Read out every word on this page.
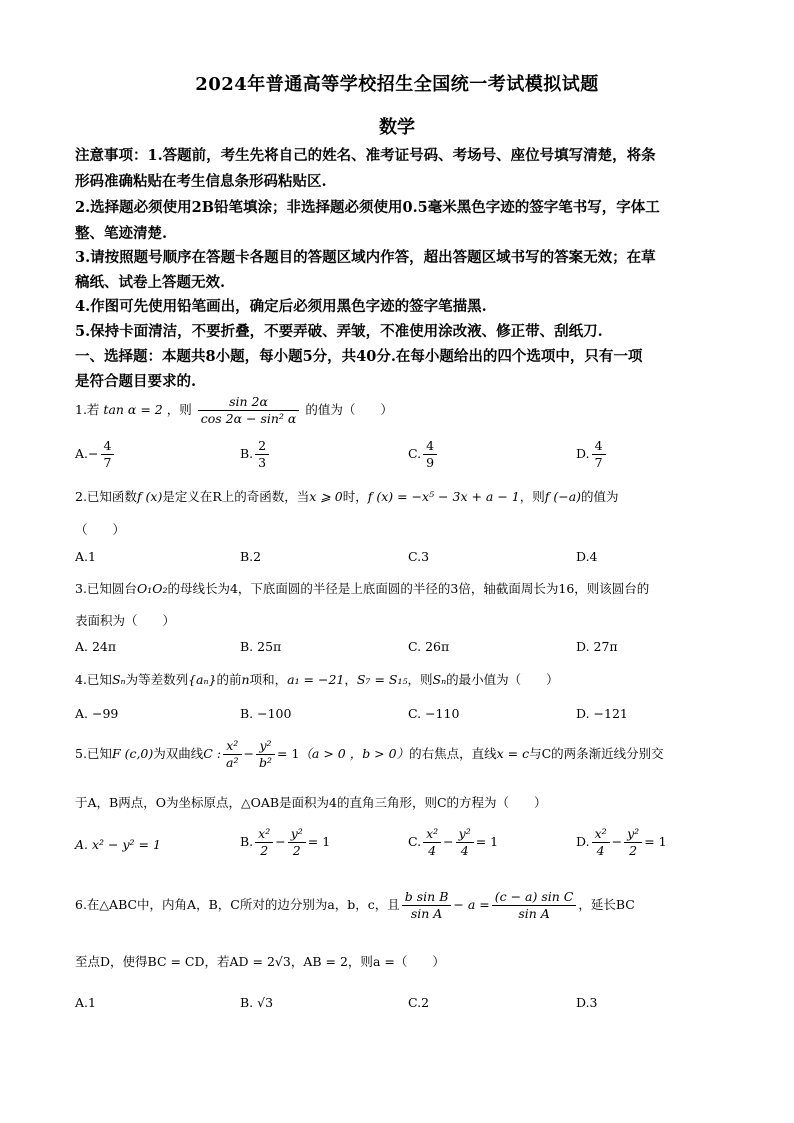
2024年普通高等学校招生全国统一考试模拟试题
数学
注意事项：1.答题前，考生先将自己的姓名、准考证号码、考场号、座位号填写清楚，将条
形码准确粘贴在考生信息条形码粘贴区.
2.选择题必须使用2B铅笔填涂；非选择题必须使用0.5毫米黑色字迹的签字笔书写，字体工
整、笔迹清楚.
3.请按照题号顺序在答题卡各题目的答题区域内作答，超出答题区域书写的答案无效；在草
稿纸、试卷上答题无效.
4.作图可先使用铅笔画出，确定后必须用黑色字迹的签字笔描黑.
5.保持卡面清洁，不要折叠，不要弄破、弄皱，不准使用涂改液、修正带、刮纸刀.
一、选择题：本题共8小题，每小题5分，共40分.在每小题给出的四个选项中，只有一项
是符合题目要求的.
1.若 tan α = 2 ，则 $\frac{\sin 2\alpha}{\text{cos 2α − sin² α}}$ 的值为（　　）
$A.- \frac{4}{7}$	B. $\frac{2}{3}$	C. $\frac{4}{9}$	D. $\frac{4}{7}$
2.已知函数f (x)是定义在R上的奇函数，当x ⩾ 0时，f (x) = −x⁵ − 3x + a − 1，则f (−a)的值为
（　　）
A.1	B.2	C.3	D.4
3.已知圆台O₁O₂的母线长为4，下底面圆的半径是上底面圆的半径的3倍，轴截面周长为16，则该圆台的
表面积为（　　）
A. 24π	B. 25π	C. 26π	D. 27π
4.已知Sₙ为等差数列{aₙ}的前n项和，a₁ = −21，S₇ = S₁₅，则Sₙ的最小值为（　　）
A. −99	B. −100	C. −110	D. −121
5.已知F (c,0)为双曲线C : $\frac{\text{x²}}{\text{a²}} - \frac{\text{y²}}{\text{b²}} = 1(a > 0$ ，b > 0）的右焦点，直线x = c与C的两条渐近线分别交
于A，B两点，O为坐标原点，△OAB是面积为4的直角三角形，则C的方程为（　　）
A. x² − y² = 1	B. $\frac{\text{x²}}{2} - \frac{\text{y²}}{2} = 1$	C. $\frac{\text{x²}}{4} - \frac{\text{y²}}{4} = 1$	D. $\frac{\text{x²}}{4} - \frac{\text{y²}}{2} = 1$
6.在△ABC中，内角A，B，C所对的边分别为a，b，c，且 $\frac{\text{b sin B}}{\text{sin A}} - a = \frac{\text{(c − a) sin C}}{\text{sin A}}$ ，延长BC
至点D，使得BC = CD，若AD = 2√3，AB = 2，则a =（　　）
A.1	B. √3	C.2	D.3
